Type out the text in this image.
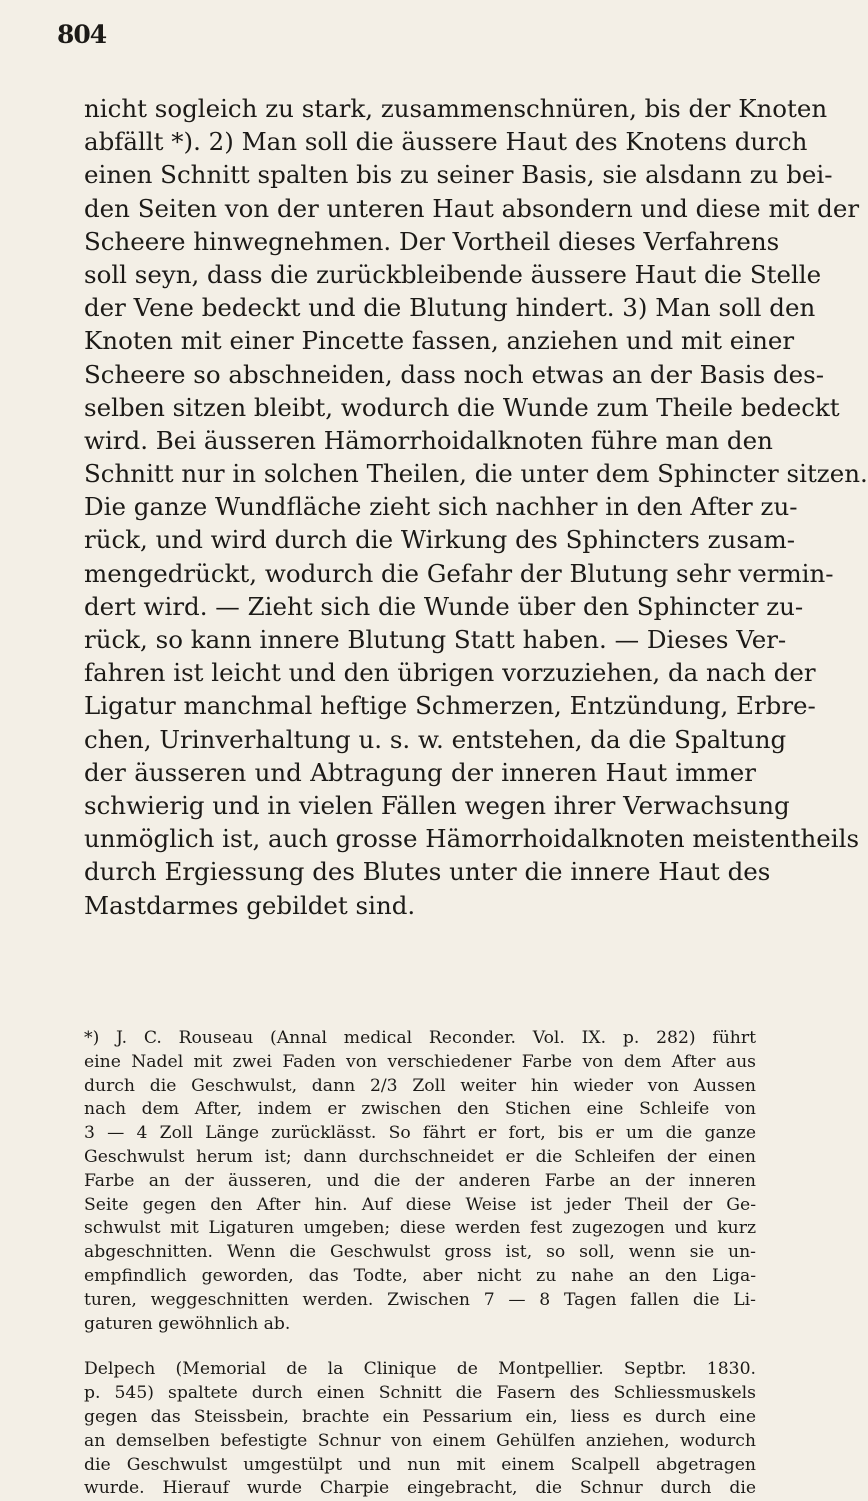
804
nicht sogleich zu stark, zusammenschnüren, bis der Knoten
abfällt *). 2) Man soll die äussere Haut des Knotens durch
einen Schnitt spalten bis zu seiner Basis, sie alsdann zu bei-
den Seiten von der unteren Haut absondern und diese mit der
Scheere hinwegnehmen. Der Vortheil dieses Verfahrens
soll seyn, dass die zurückbleibende äussere Haut die Stelle
der Vene bedeckt und die Blutung hindert. 3) Man soll den
Knoten mit einer Pincette fassen, anziehen und mit einer
Scheere so abschneiden, dass noch etwas an der Basis des-
selben sitzen bleibt, wodurch die Wunde zum Theile bedeckt
wird. Bei äusseren Hämorrhoidalknoten führe man den
Schnitt nur in solchen Theilen, die unter dem Sphincter sitzen.
Die ganze Wundfläche zieht sich nachher in den After zu-
rück, und wird durch die Wirkung des Sphincters zusam-
mengedrückt, wodurch die Gefahr der Blutung sehr vermin-
dert wird. — Zieht sich die Wunde über den Sphincter zu-
rück, so kann innere Blutung Statt haben. — Dieses Ver-
fahren ist leicht und den übrigen vorzuziehen, da nach der
Ligatur manchmal heftige Schmerzen, Entzündung, Erbre-
chen, Urinverhaltung u. s. w. entstehen, da die Spaltung
der äusseren und Abtragung der inneren Haut immer
schwierig und in vielen Fällen wegen ihrer Verwachsung
unmöglich ist, auch grosse Hämorrhoidalknoten meistentheils
durch Ergiessung des Blutes unter die innere Haut des
Mastdarmes gebildet sind.
*) J. C. Rouseau (Annal medical Reconder. Vol. IX. p. 282) führt
eine Nadel mit zwei Faden von verschiedener Farbe von dem After aus
durch die Geschwulst, dann 2/3 Zoll weiter hin wieder von Aussen
nach dem After, indem er zwischen den Stichen eine Schleife von
3 — 4 Zoll Länge zurücklässt. So fährt er fort, bis er um die ganze
Geschwulst herum ist; dann durchschneidet er die Schleifen der einen
Farbe an der äusseren, und die der anderen Farbe an der inneren
Seite gegen den After hin. Auf diese Weise ist jeder Theil der Ge-
schwulst mit Ligaturen umgeben; diese werden fest zugezogen und kurz
abgeschnitten. Wenn die Geschwulst gross ist, so soll, wenn sie un-
empfindlich geworden, das Todte, aber nicht zu nahe an den Liga-
turen, weggeschnitten werden. Zwischen 7 — 8 Tagen fallen die Li-
gaturen gewöhnlich ab.
Delpech (Memorial de la Clinique de Montpellier. Septbr. 1830.
p. 545) spaltete durch einen Schnitt die Fasern des Schliessmuskels
gegen das Steissbein, brachte ein Pessarium ein, liess es durch eine
an demselben befestigte Schnur von einem Gehülfen anziehen, wodurch
die Geschwulst umgestülpt und nun mit einem Scalpell abgetragen
wurde. Hierauf wurde Charpie eingebracht, die Schnur durch die
